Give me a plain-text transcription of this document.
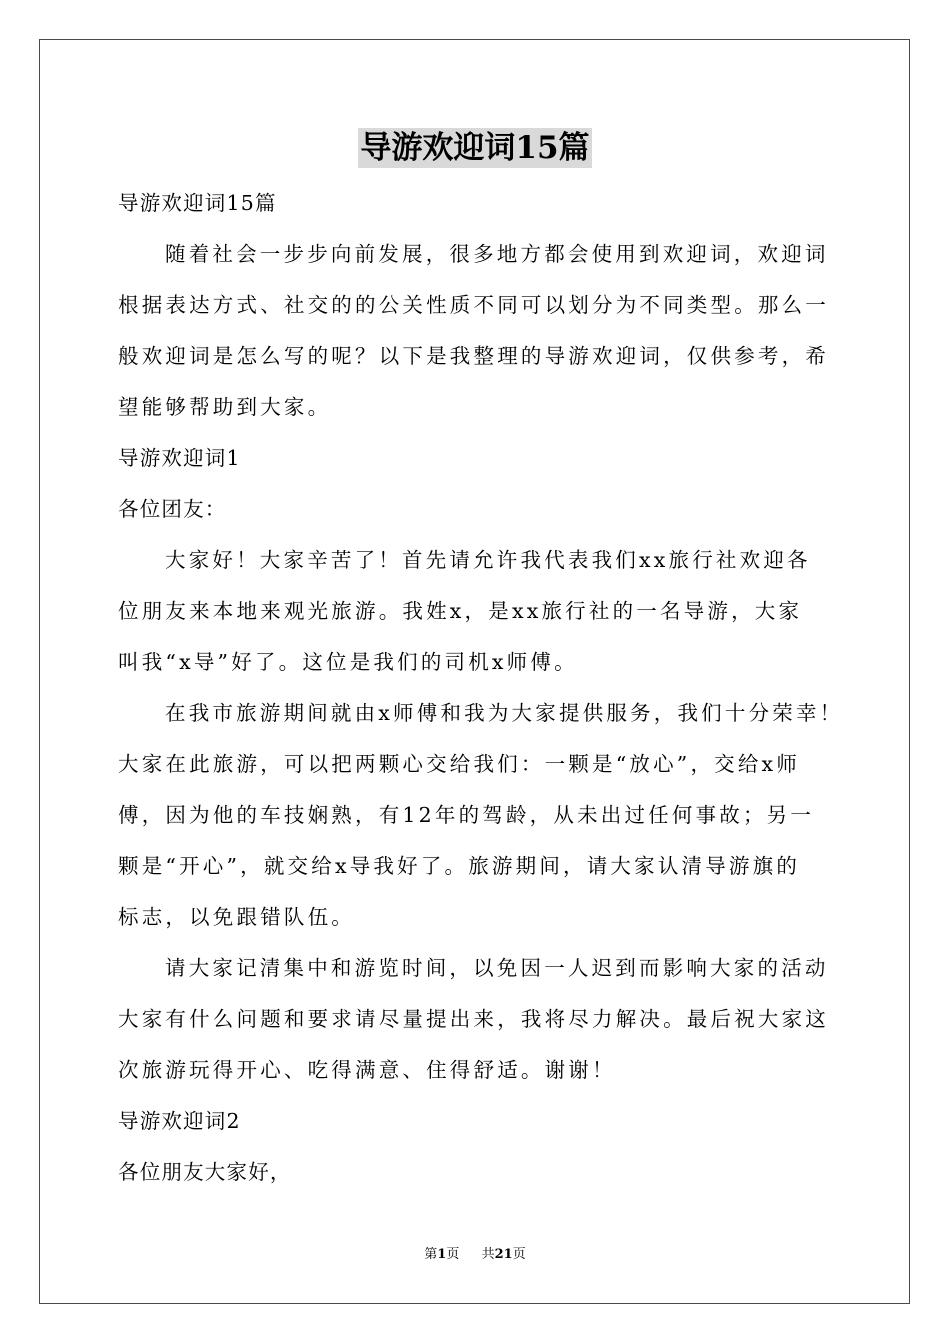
导游欢迎词15篇
导游欢迎词15篇
随着社会一步步向前发展，很多地方都会使用到欢迎词，欢迎词
根据表达方式、社交的的公关性质不同可以划分为不同类型。那么一
般欢迎词是怎么写的呢？以下是我整理的导游欢迎词，仅供参考，希
望能够帮助到大家。
导游欢迎词1
各位团友：
大家好！大家辛苦了！首先请允许我代表我们xx旅行社欢迎各
位朋友来本地来观光旅游。我姓x，是xx旅行社的一名导游，大家
叫我“x导”好了。这位是我们的司机x师傅。
在我市旅游期间就由x师傅和我为大家提供服务，我们十分荣幸！
大家在此旅游，可以把两颗心交给我们：一颗是“放心”，交给x师
傅，因为他的车技娴熟，有12年的驾龄，从未出过任何事故；另一
颗是“开心”，就交给x导我好了。旅游期间，请大家认清导游旗的
标志，以免跟错队伍。
请大家记清集中和游览时间，以免因一人迟到而影响大家的活动
大家有什么问题和要求请尽量提出来，我将尽力解决。最后祝大家这
次旅游玩得开心、吃得满意、住得舒适。谢谢！
导游欢迎词2
各位朋友大家好，
第1页 共21页
